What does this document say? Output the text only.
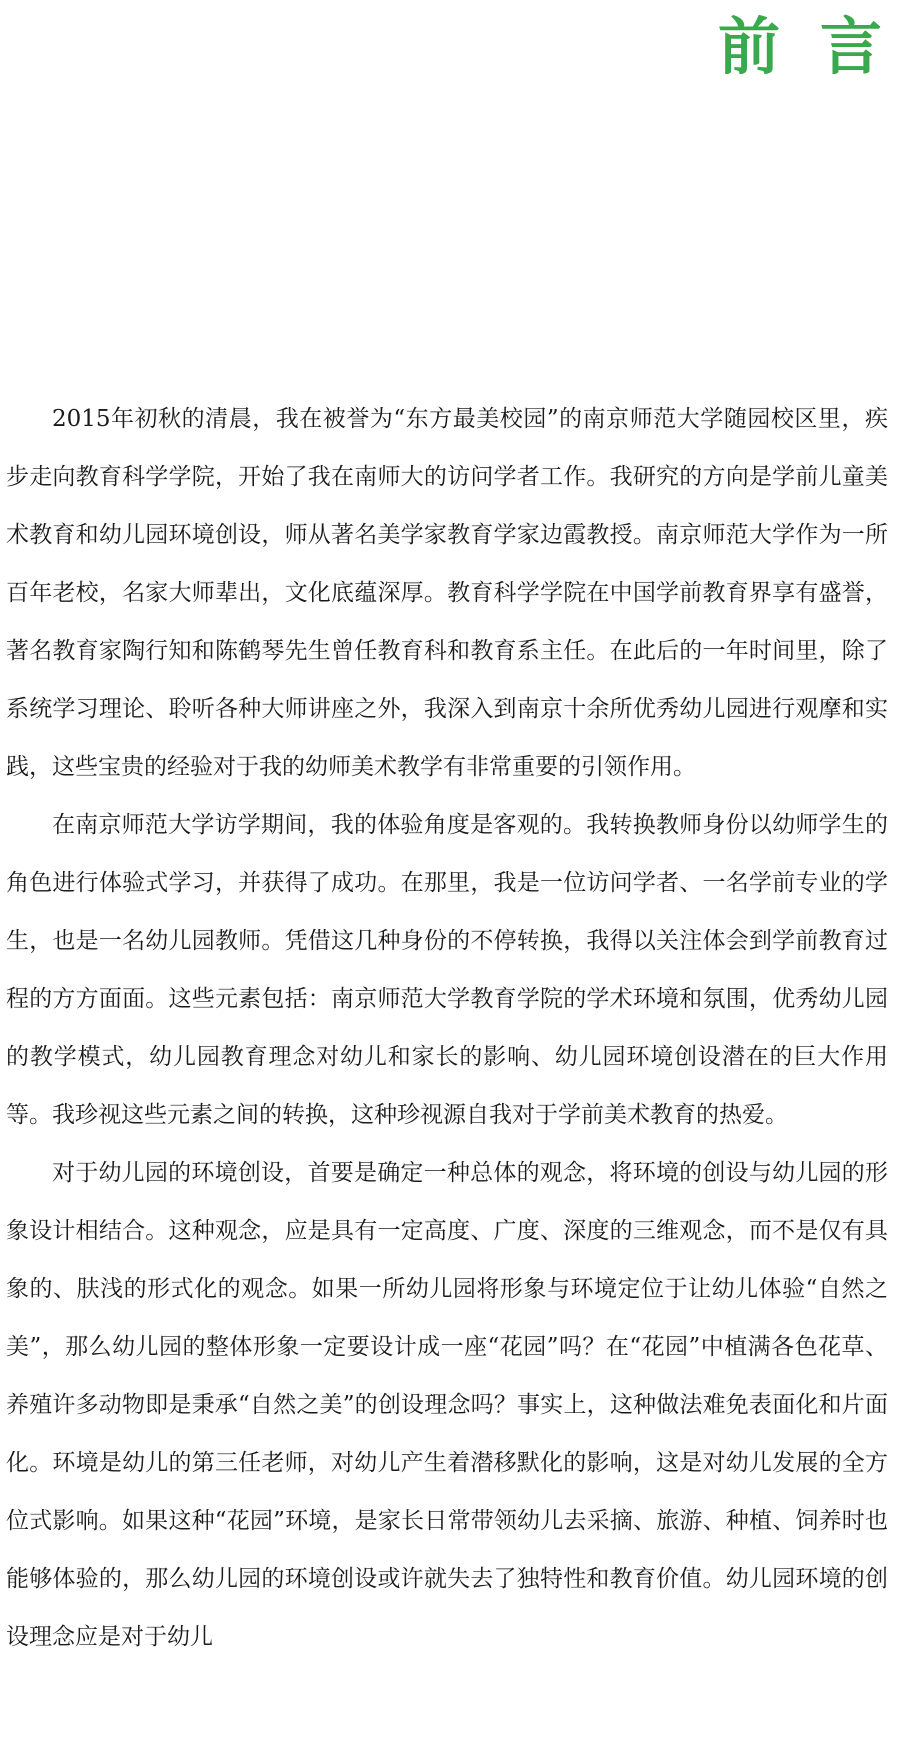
前言

2015年初秋的清晨，我在被誉为“东方最美校园”的南京师范大学随园校区里，疾步走向教育科学学院，开始了我在南师大的访问学者工作。我研究的方向是学前儿童美术教育和幼儿园环境创设，师从著名美学家教育学家边霞教授。南京师范大学作为一所百年老校，名家大师辈出，文化底蕴深厚。教育科学学院在中国学前教育界享有盛誉，著名教育家陶行知和陈鹤琴先生曾任教育科和教育系主任。在此后的一年时间里，除了系统学习理论、聆听各种大师讲座之外，我深入到南京十余所优秀幼儿园进行观摩和实践，这些宝贵的经验对于我的幼师美术教学有非常重要的引领作用。

在南京师范大学访学期间，我的体验角度是客观的。我转换教师身份以幼师学生的角色进行体验式学习，并获得了成功。在那里，我是一位访问学者、一名学前专业的学生，也是一名幼儿园教师。凭借这几种身份的不停转换，我得以关注体会到学前教育过程的方方面面。这些元素包括：南京师范大学教育学院的学术环境和氛围，优秀幼儿园的教学模式，幼儿园教育理念对幼儿和家长的影响、幼儿园环境创设潜在的巨大作用等。我珍视这些元素之间的转换，这种珍视源自我对于学前美术教育的热爱。

对于幼儿园的环境创设，首要是确定一种总体的观念，将环境的创设与幼儿园的形象设计相结合。这种观念，应是具有一定高度、广度、深度的三维观念，而不是仅有具象的、肤浅的形式化的观念。如果一所幼儿园将形象与环境定位于让幼儿体验“自然之美”，那么幼儿园的整体形象一定要设计成一座“花园”吗？在“花园”中植满各色花草、养殖许多动物即是秉承“自然之美”的创设理念吗？事实上，这种做法难免表面化和片面化。环境是幼儿的第三任老师，对幼儿产生着潜移默化的影响，这是对幼儿发展的全方位式影响。如果这种“花园”环境，是家长日常带领幼儿去采摘、旅游、种植、饲养时也能够体验的，那么幼儿园的环境创设或许就失去了独特性和教育价值。幼儿园环境的创设理念应是对于幼儿
